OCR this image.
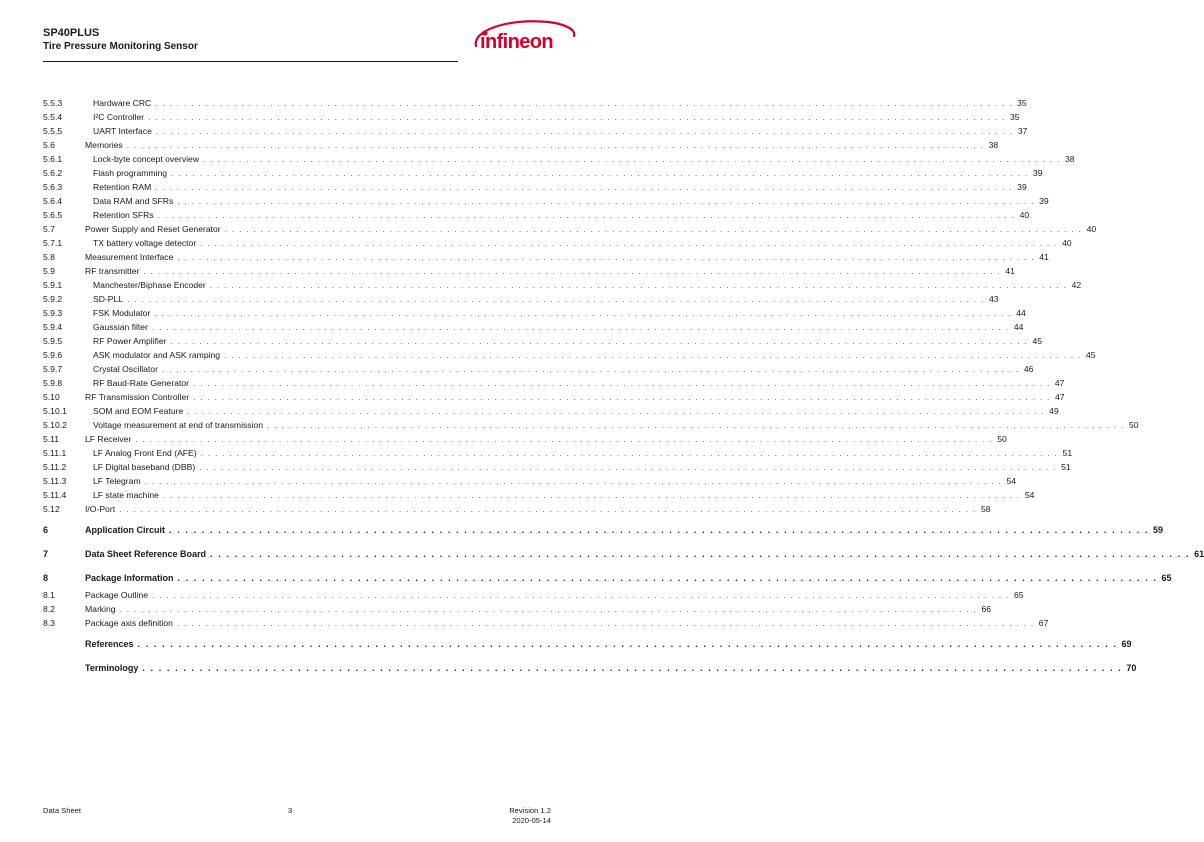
SP40PLUS
Tire Pressure Monitoring Sensor	infineon
5.5.3	Hardware CRC . . . . . . . . . . . . . . . . . . . . . . . . . . . . . . . . . . . . . . . . . . . . . . . . . . . . . . . . . . . . . . . . . . . . . . . . . . . . . . . . . . . . . . . . . . . . . . . . . . . . . . . . . . . . . . . . . . . . . . . . 35
5.5.4	I²C Controller . . . . . . . . . . . . . . . . . . . . . . . . . . . . . . . . . . . . . . . . . . . . . . . . . . . . . . . . . . . . . . . . . . . . . . . . . . . . . . . . . . . . . . . . . . . . . . . . . . . . . . . . . . . . . . . . . . . . . . . . 35
5.5.5	UART Interface . . . . . . . . . . . . . . . . . . . . . . . . . . . . . . . . . . . . . . . . . . . . . . . . . . . . . . . . . . . . . . . . . . . . . . . . . . . . . . . . . . . . . . . . . . . . . . . . . . . . . . . . . . . . . . . . . . . . . . . . 37
5.6	Memories . . . . . . . . . . . . . . . . . . . . . . . . . . . . . . . . . . . . . . . . . . . . . . . . . . . . . . . . . . . . . . . . . . . . . . . . . . . . . . . . . . . . . . . . . . . . . . . . . . . . . . . . . . . . . . . . . . . . . . . . 38
5.6.1	Lock-byte concept overview . . . . . . . . . . . . . . . . . . . . . . . . . . . . . . . . . . . . . . . . . . . . . . . . . . . . . . . . . . . . . . . . . . . . . . . . . . . . . . . . . . . . . . . . . . . . . . . . . . . . . . . . . . . . . . . . . . . . . . . . 38
5.6.2	Flash programming . . . . . . . . . . . . . . . . . . . . . . . . . . . . . . . . . . . . . . . . . . . . . . . . . . . . . . . . . . . . . . . . . . . . . . . . . . . . . . . . . . . . . . . . . . . . . . . . . . . . . . . . . . . . . . . . . . . . . . . . 39
5.6.3	Retention RAM . . . . . . . . . . . . . . . . . . . . . . . . . . . . . . . . . . . . . . . . . . . . . . . . . . . . . . . . . . . . . . . . . . . . . . . . . . . . . . . . . . . . . . . . . . . . . . . . . . . . . . . . . . . . . . . . . . . . . . . . 39
5.6.4	Data RAM and SFRs . . . . . . . . . . . . . . . . . . . . . . . . . . . . . . . . . . . . . . . . . . . . . . . . . . . . . . . . . . . . . . . . . . . . . . . . . . . . . . . . . . . . . . . . . . . . . . . . . . . . . . . . . . . . . . . . . . . . . . . . 39
5.6.5	Retention SFRs . . . . . . . . . . . . . . . . . . . . . . . . . . . . . . . . . . . . . . . . . . . . . . . . . . . . . . . . . . . . . . . . . . . . . . . . . . . . . . . . . . . . . . . . . . . . . . . . . . . . . . . . . . . . . . . . . . . . . . . . 40
5.7	Power Supply and Reset Generator . . . . . . . . . . . . . . . . . . . . . . . . . . . . . . . . . . . . . . . . . . . . . . . . . . . . . . . . . . . . . . . . . . . . . . . . . . . . . . . . . . . . . . . . . . . . . . . . . . . . . . . . . . . . . . . . . . . . . . . . 40
5.7.1	TX battery voltage detector . . . . . . . . . . . . . . . . . . . . . . . . . . . . . . . . . . . . . . . . . . . . . . . . . . . . . . . . . . . . . . . . . . . . . . . . . . . . . . . . . . . . . . . . . . . . . . . . . . . . . . . . . . . . . . . . . . . . . . . . 40
5.8	Measurement Interface . . . . . . . . . . . . . . . . . . . . . . . . . . . . . . . . . . . . . . . . . . . . . . . . . . . . . . . . . . . . . . . . . . . . . . . . . . . . . . . . . . . . . . . . . . . . . . . . . . . . . . . . . . . . . . . . . . . . . . . . 41
5.9	RF transmitter . . . . . . . . . . . . . . . . . . . . . . . . . . . . . . . . . . . . . . . . . . . . . . . . . . . . . . . . . . . . . . . . . . . . . . . . . . . . . . . . . . . . . . . . . . . . . . . . . . . . . . . . . . . . . . . . . . . . . . . . 41
5.9.1	Manchester/Biphase Encoder . . . . . . . . . . . . . . . . . . . . . . . . . . . . . . . . . . . . . . . . . . . . . . . . . . . . . . . . . . . . . . . . . . . . . . . . . . . . . . . . . . . . . . . . . . . . . . . . . . . . . . . . . . . . . . . . . . . . . . . . 42
5.9.2	SD-PLL . . . . . . . . . . . . . . . . . . . . . . . . . . . . . . . . . . . . . . . . . . . . . . . . . . . . . . . . . . . . . . . . . . . . . . . . . . . . . . . . . . . . . . . . . . . . . . . . . . . . . . . . . . . . . . . . . . . . . . . . 43
5.9.3	FSK Modulator . . . . . . . . . . . . . . . . . . . . . . . . . . . . . . . . . . . . . . . . . . . . . . . . . . . . . . . . . . . . . . . . . . . . . . . . . . . . . . . . . . . . . . . . . . . . . . . . . . . . . . . . . . . . . . . . . . . . . . . . 44
5.9.4	Gaussian filter . . . . . . . . . . . . . . . . . . . . . . . . . . . . . . . . . . . . . . . . . . . . . . . . . . . . . . . . . . . . . . . . . . . . . . . . . . . . . . . . . . . . . . . . . . . . . . . . . . . . . . . . . . . . . . . . . . . . . . . . 44
5.9.5	RF Power Amplifier . . . . . . . . . . . . . . . . . . . . . . . . . . . . . . . . . . . . . . . . . . . . . . . . . . . . . . . . . . . . . . . . . . . . . . . . . . . . . . . . . . . . . . . . . . . . . . . . . . . . . . . . . . . . . . . . . . . . . . . . 45
5.9.6	ASK modulator and ASK ramping . . . . . . . . . . . . . . . . . . . . . . . . . . . . . . . . . . . . . . . . . . . . . . . . . . . . . . . . . . . . . . . . . . . . . . . . . . . . . . . . . . . . . . . . . . . . . . . . . . . . . . . . . . . . . . . . . . . . . . . . 45
5.9.7	Crystal Oscillator . . . . . . . . . . . . . . . . . . . . . . . . . . . . . . . . . . . . . . . . . . . . . . . . . . . . . . . . . . . . . . . . . . . . . . . . . . . . . . . . . . . . . . . . . . . . . . . . . . . . . . . . . . . . . . . . . . . . . . . . 46
5.9.8	RF Baud-Rate Generator . . . . . . . . . . . . . . . . . . . . . . . . . . . . . . . . . . . . . . . . . . . . . . . . . . . . . . . . . . . . . . . . . . . . . . . . . . . . . . . . . . . . . . . . . . . . . . . . . . . . . . . . . . . . . . . . . . . . . . . . 47
5.10	RF Transmission Controller . . . . . . . . . . . . . . . . . . . . . . . . . . . . . . . . . . . . . . . . . . . . . . . . . . . . . . . . . . . . . . . . . . . . . . . . . . . . . . . . . . . . . . . . . . . . . . . . . . . . . . . . . . . . . . . . . . . . . . . . 47
5.10.1	SOM and EOM Feature . . . . . . . . . . . . . . . . . . . . . . . . . . . . . . . . . . . . . . . . . . . . . . . . . . . . . . . . . . . . . . . . . . . . . . . . . . . . . . . . . . . . . . . . . . . . . . . . . . . . . . . . . . . . . . . . . . . . . . . . 49
5.10.2	Voltage measurement at end of transmission . . . . . . . . . . . . . . . . . . . . . . . . . . . . . . . . . . . . . . . . . . . . . . . . . . . . . . . . . . . . . . . . . . . . . . . . . . . . . . . . . . . . . . . . . . . . . . . . . . . . . . . . . . . . . . . . . . . . . . . . 50
5.11	LF Receiver . . . . . . . . . . . . . . . . . . . . . . . . . . . . . . . . . . . . . . . . . . . . . . . . . . . . . . . . . . . . . . . . . . . . . . . . . . . . . . . . . . . . . . . . . . . . . . . . . . . . . . . . . . . . . . . . . . . . . . . . 50
5.11.1	LF Analog Front End (AFE) . . . . . . . . . . . . . . . . . . . . . . . . . . . . . . . . . . . . . . . . . . . . . . . . . . . . . . . . . . . . . . . . . . . . . . . . . . . . . . . . . . . . . . . . . . . . . . . . . . . . . . . . . . . . . . . . . . . . . . . . 51
5.11.2	LF Digital baseband (DBB) . . . . . . . . . . . . . . . . . . . . . . . . . . . . . . . . . . . . . . . . . . . . . . . . . . . . . . . . . . . . . . . . . . . . . . . . . . . . . . . . . . . . . . . . . . . . . . . . . . . . . . . . . . . . . . . . . . . . . . . . 51
5.11.3	LF Telegram . . . . . . . . . . . . . . . . . . . . . . . . . . . . . . . . . . . . . . . . . . . . . . . . . . . . . . . . . . . . . . . . . . . . . . . . . . . . . . . . . . . . . . . . . . . . . . . . . . . . . . . . . . . . . . . . . . . . . . . . 54
5.11.4	LF state machine . . . . . . . . . . . . . . . . . . . . . . . . . . . . . . . . . . . . . . . . . . . . . . . . . . . . . . . . . . . . . . . . . . . . . . . . . . . . . . . . . . . . . . . . . . . . . . . . . . . . . . . . . . . . . . . . . . . . . . . . 54
5.12	I/O-Port . . . . . . . . . . . . . . . . . . . . . . . . . . . . . . . . . . . . . . . . . . . . . . . . . . . . . . . . . . . . . . . . . . . . . . . . . . . . . . . . . . . . . . . . . . . . . . . . . . . . . . . . . . . . . . . . . . . . . . . . 58
6	Application Circuit . . . . . . . . . . . . . . . . . . . . . . . . . . . . . . . . . . . . . . . . . . . . . . . . . . . . . . . . . . . . . . . . . . . . . . . . . . . . . . . . . . . . . . . . . . . . . . . . . . . . . . . . . . . . . . . . . . . . . . . . 59
7	Data Sheet Reference Board . . . . . . . . . . . . . . . . . . . . . . . . . . . . . . . . . . . . . . . . . . . . . . . . . . . . . . . . . . . . . . . . . . . . . . . . . . . . . . . . . . . . . . . . . . . . . . . . . . . . . . . . . . . . . . . . . . . . . . . . 61
8	Package Information . . . . . . . . . . . . . . . . . . . . . . . . . . . . . . . . . . . . . . . . . . . . . . . . . . . . . . . . . . . . . . . . . . . . . . . . . . . . . . . . . . . . . . . . . . . . . . . . . . . . . . . . . . . . . . . . . . . . . . . . 65
8.1	Package Outline . . . . . . . . . . . . . . . . . . . . . . . . . . . . . . . . . . . . . . . . . . . . . . . . . . . . . . . . . . . . . . . . . . . . . . . . . . . . . . . . . . . . . . . . . . . . . . . . . . . . . . . . . . . . . . . . . . . . . . . . 65
8.2	Marking . . . . . . . . . . . . . . . . . . . . . . . . . . . . . . . . . . . . . . . . . . . . . . . . . . . . . . . . . . . . . . . . . . . . . . . . . . . . . . . . . . . . . . . . . . . . . . . . . . . . . . . . . . . . . . . . . . . . . . . . 66
8.3	Package axis definition . . . . . . . . . . . . . . . . . . . . . . . . . . . . . . . . . . . . . . . . . . . . . . . . . . . . . . . . . . . . . . . . . . . . . . . . . . . . . . . . . . . . . . . . . . . . . . . . . . . . . . . . . . . . . . . . . . . . . . . . 67
References . . . . . . . . . . . . . . . . . . . . . . . . . . . . . . . . . . . . . . . . . . . . . . . . . . . . . . . . . . . . . . . . . . . . . . . . . . . . . . . . . . . . . . . . . . . . . . . . . . . . . . . . . . . . . . . . . . . . . . . . 69
Terminology . . . . . . . . . . . . . . . . . . . . . . . . . . . . . . . . . . . . . . . . . . . . . . . . . . . . . . . . . . . . . . . . . . . . . . . . . . . . . . . . . . . . . . . . . . . . . . . . . . . . . . . . . . . . . . . . . . . . . . . . 70
Data Sheet	3	Revision 1.2
2020-05-14
